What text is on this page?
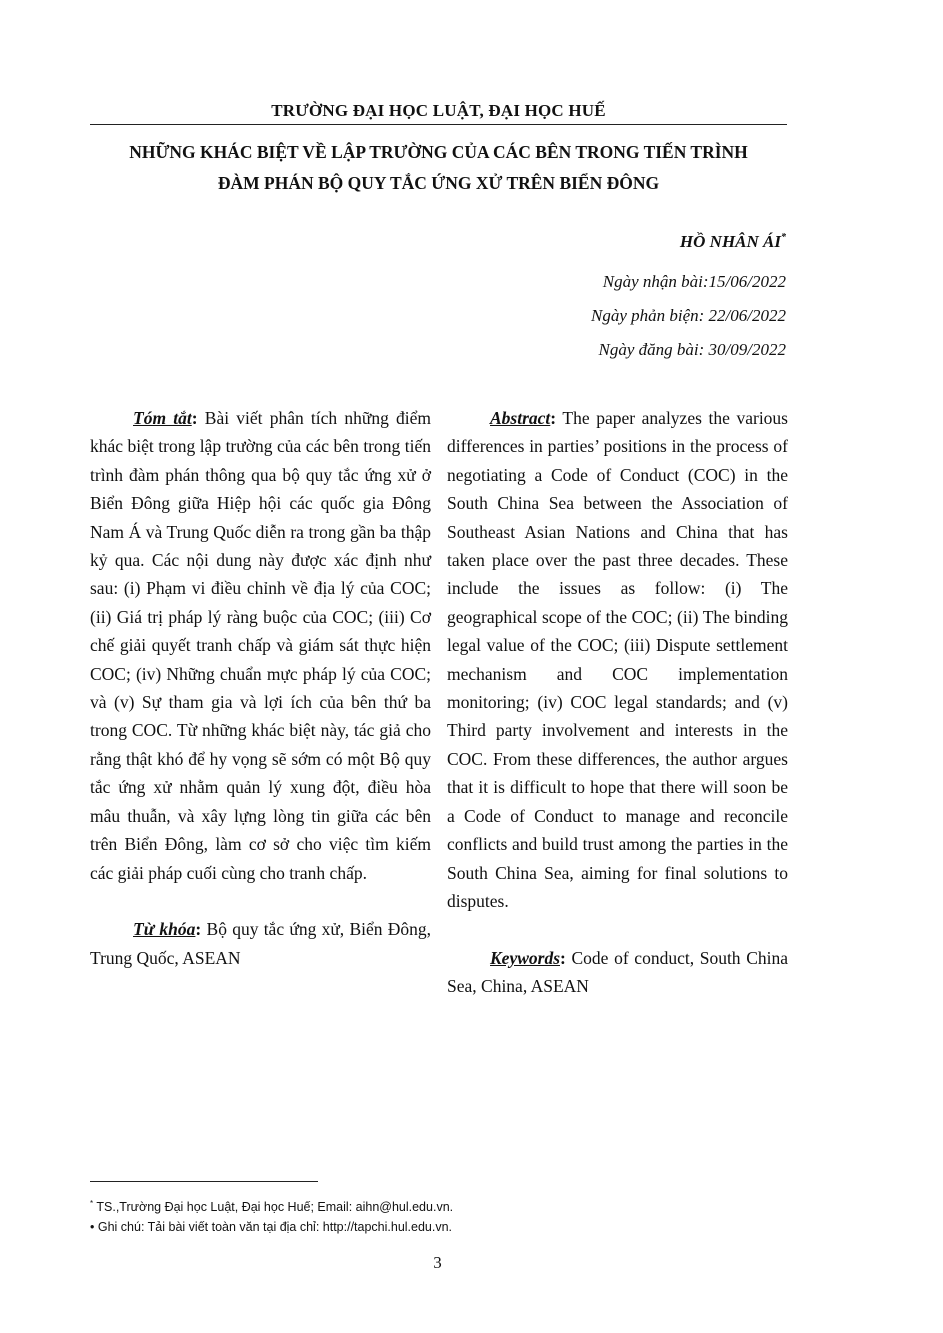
TRƯỜNG ĐẠI HỌC LUẬT, ĐẠI HỌC HUẾ
NHỮNG KHÁC BIỆT VỀ LẬP TRƯỜNG CỦA CÁC BÊN TRONG TIẾN TRÌNH
ĐÀM PHÁN BỘ QUY TẮC ỨNG XỬ TRÊN BIỂN ĐÔNG
HỒ NHÂN ÁI*
Ngày nhận bài:15/06/2022
Ngày phản biện: 22/06/2022
Ngày đăng bài: 30/09/2022

Tóm tắt: Bài viết phân tích những điểm khác biệt trong lập trường của các bên trong tiến trình đàm phán thông qua bộ quy tắc ứng xử ở Biển Đông giữa Hiệp hội các quốc gia Đông Nam Á và Trung Quốc diễn ra trong gần ba thập kỷ qua. Các nội dung này được xác định như sau: (i) Phạm vi điều chỉnh về địa lý của COC; (ii) Giá trị pháp lý ràng buộc của COC; (iii) Cơ chế giải quyết tranh chấp và giám sát thực hiện COC; (iv) Những chuẩn mực pháp lý của COC; và (v) Sự tham gia và lợi ích của bên thứ ba trong COC. Từ những khác biệt này, tác giả cho rằng thật khó để hy vọng sẽ sớm có một Bộ quy tắc ứng xử nhằm quản lý xung đột, điều hòa mâu thuẫn, và xây lựng lòng tin giữa các bên trên Biển Đông, làm cơ sở cho việc tìm kiếm các giải pháp cuối cùng cho tranh chấp.

Từ khóa: Bộ quy tắc ứng xử, Biển Đông, Trung Quốc, ASEAN

Abstract: The paper analyzes the various differences in parties’ positions in the process of negotiating a Code of Conduct (COC) in the South China Sea between the Association of Southeast Asian Nations and China that has taken place over the past three decades. These include the issues as follow: (i) The geographical scope of the COC; (ii) The binding legal value of the COC; (iii) Dispute settlement mechanism and COC implementation monitoring; (iv) COC legal standards; and (v) Third party involvement and interests in the COC. From these differences, the author argues that it is difficult to hope that there will soon be a Code of Conduct to manage and reconcile conflicts and build trust among the parties in the South China Sea, aiming for final solutions to disputes.

Keywords: Code of conduct, South China Sea, China, ASEAN

* TS.,Trường Đại học Luật, Đại học Huế; Email: aihn@hul.edu.vn.
• Ghi chú: Tải bài viết toàn văn tại địa chỉ: http://tapchi.hul.edu.vn.
3
